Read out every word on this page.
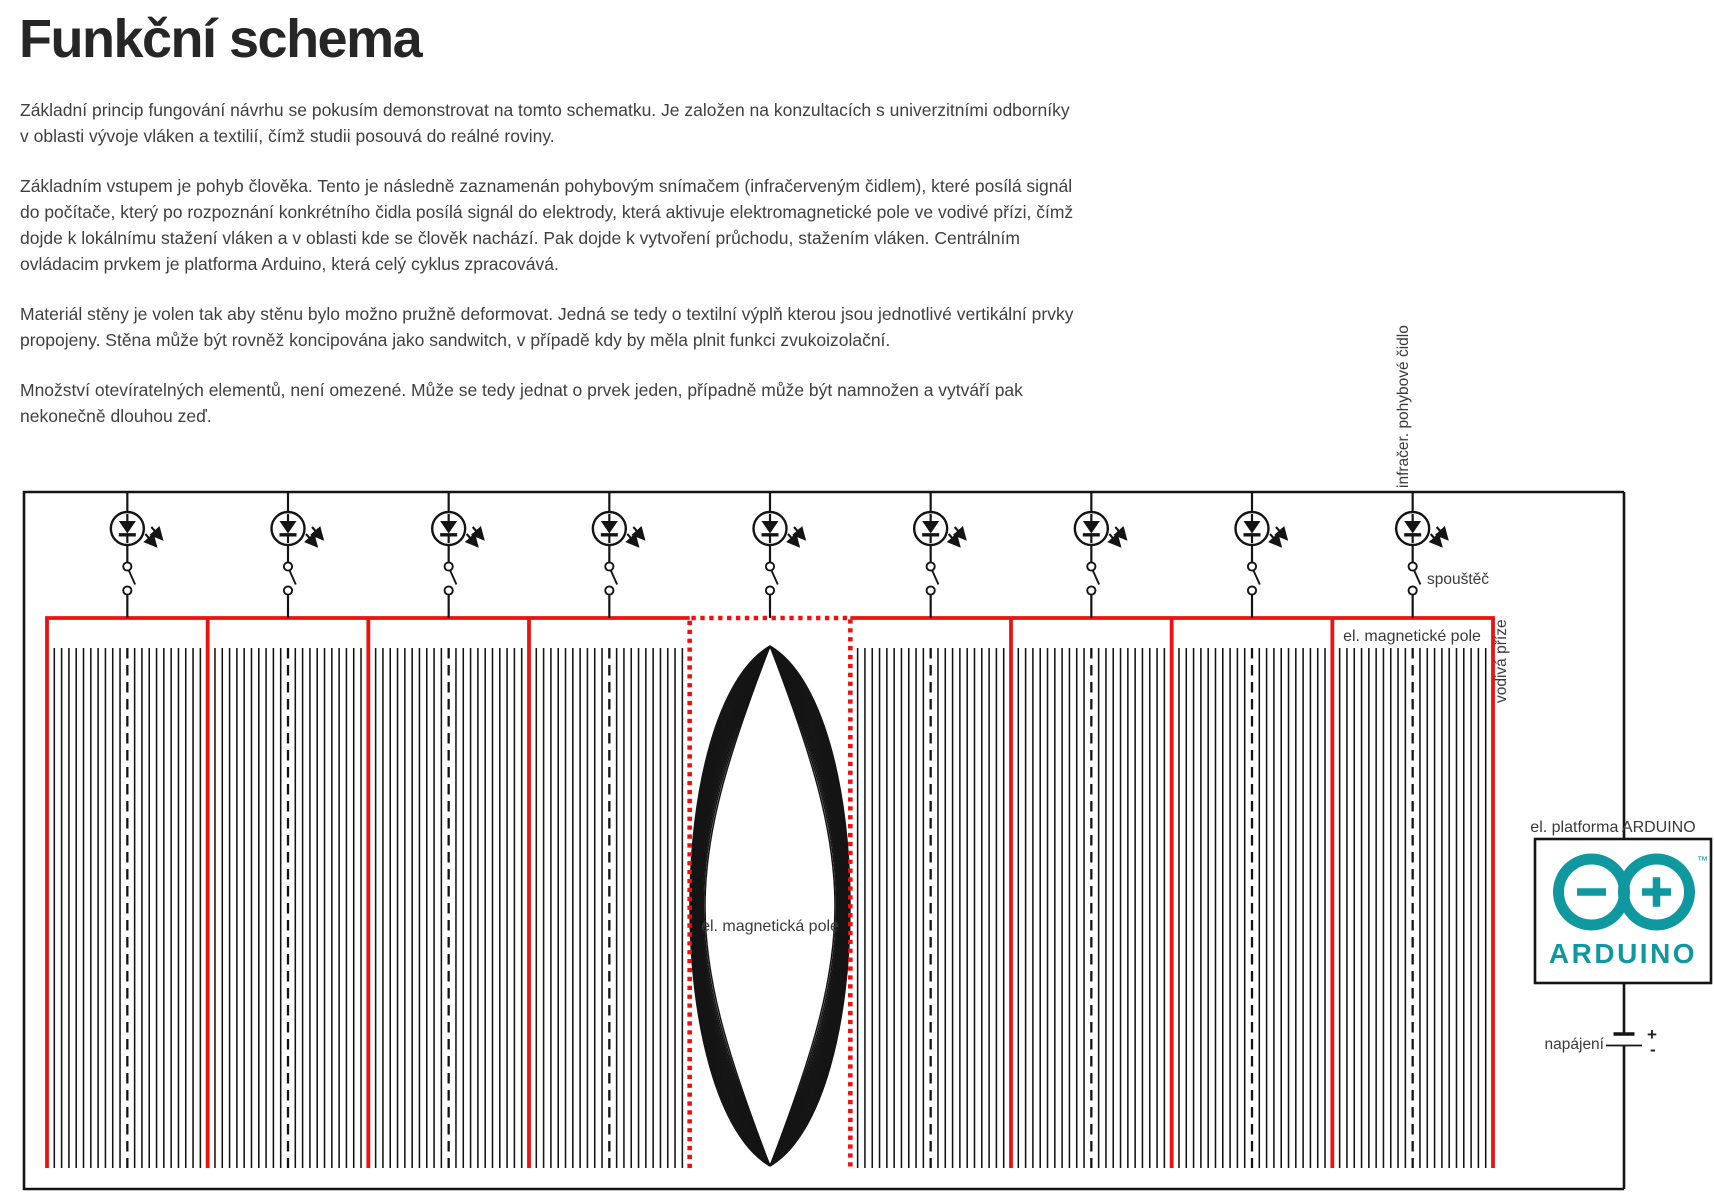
Funkční schema

Základní princip fungování návrhu se pokusím demonstrovat na tomto schematku. Je založen na konzultacích s univerzitními odborníky v oblasti vývoje vláken a textilií, čímž studii posouvá do reálné roviny.

Základním vstupem je pohyb člověka. Tento je následně zaznamenán pohybovým snímačem (infračerveným čidlem), které posílá signál do počítače, který po rozpoznání konkrétního čidla posílá signál do elektrody, která aktivuje elektromagnetické pole ve vodivé přízi, čímž dojde k lokálnímu stažení vláken a v oblasti kde se člověk nachází. Pak dojde k vytvoření průchodu, stažením vláken. Centrálním ovládacim prvkem je platforma Arduino, která celý cyklus zpracovává.

Materiál stěny je volen tak aby stěnu bylo možno pružně deformovat. Jedná se tedy o textilní výplň kterou jsou jednotlivé vertikální prvky propojeny. Stěna může být rovněž koncipována jako sandwitch, v případě kdy by měla plnit funkci zvukoizolační.

Množství otevíratelných elementů, není omezené. Může se tedy jednat o prvek jeden, případně může být namnožen a vytváří pak nekonečně dlouhou zeď.

+
-
napájení
el. platforma ARDUINO
™
ARDUINO
infračer. pohybové čidlo
spouštěč
el. magnetické pole vodivá příze
el. magnetická pole
